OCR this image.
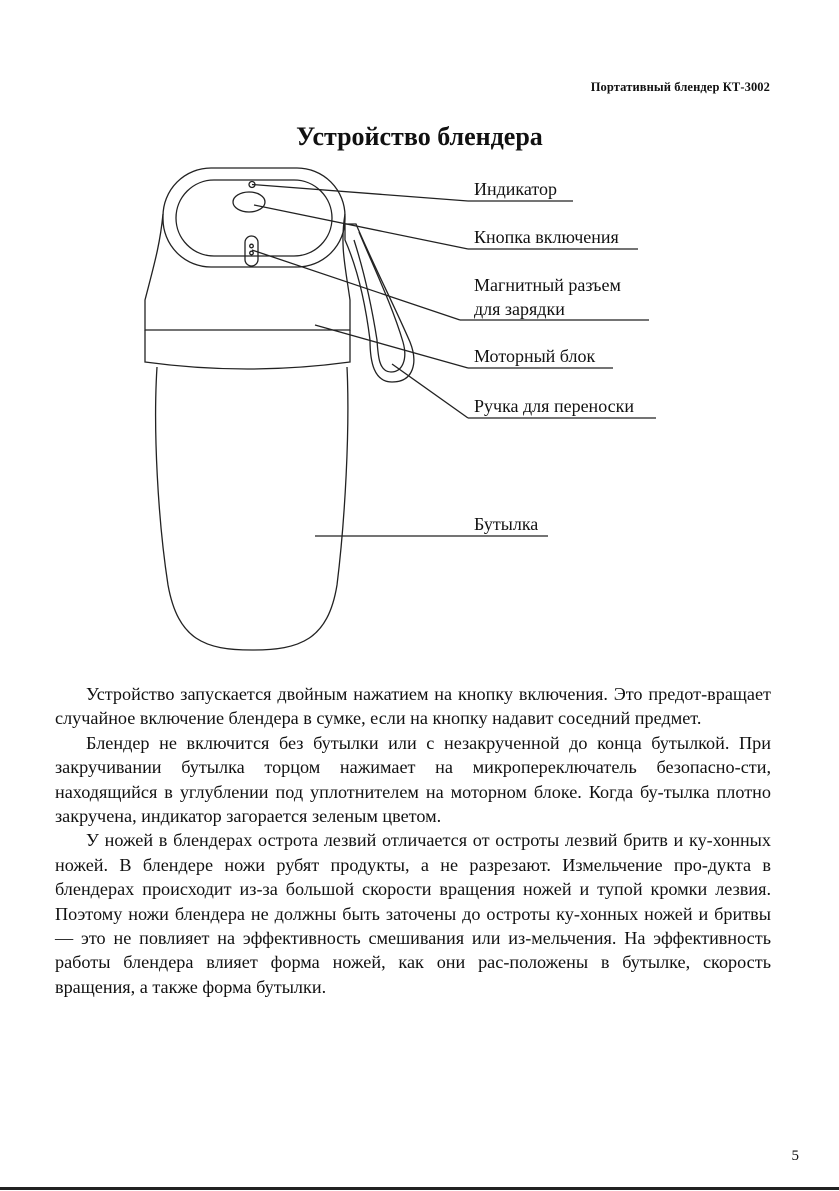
Портативный блендер КТ-3002
Устройство блендера
Индикатор
Кнопка включения
Магнитный разъем
для зарядки
Моторный блок
Ручка для переноски
Бутылка

Устройство запускается двойным нажатием на кнопку включения. Это предот-вращает случайное включение блендера в сумке, если на кнопку надавит соседний предмет.

Блендер не включится без бутылки или с незакрученной до конца бутылкой. При закручивании бутылка торцом нажимает на микропереключатель безопасно-сти, находящийся в углублении под уплотнителем на моторном блоке. Когда бу-тылка плотно закручена, индикатор загорается зеленым цветом.

У ножей в блендерах острота лезвий отличается от остроты лезвий бритв и ку-хонных ножей. В блендере ножи рубят продукты, а не разрезают. Измельчение про-дукта в блендерах происходит из-за большой скорости вращения ножей и тупой кромки лезвия. Поэтому ножи блендера не должны быть заточены до остроты ку-хонных ножей и бритвы — это не повлияет на эффективность смешивания или из-мельчения. На эффективность работы блендера влияет форма ножей, как они рас-положены в бутылке, скорость вращения, а также форма бутылки.

5
